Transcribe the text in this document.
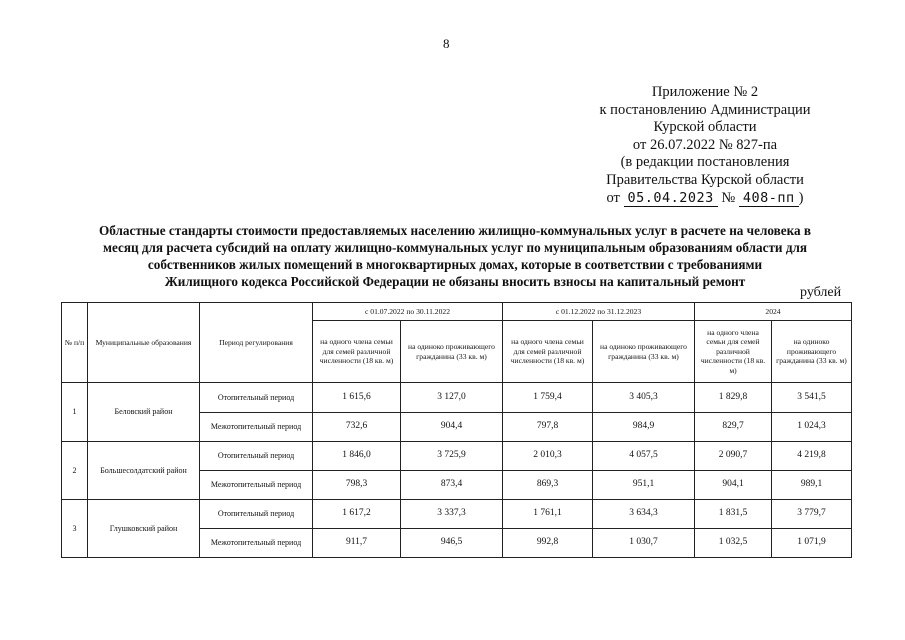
8
Приложение № 2
к постановлению Администрации
Курской области
от 26.07.2022 № 827-па
(в редакции постановления
Правительства Курской области
от 05.04.2023 № 408-пп )
Областные стандарты стоимости предоставляемых населению жилищно-коммунальных услуг в расчете на человека в
месяц для расчета субсидий на оплату жилищно-коммунальных услуг по муниципальным образованиям области для
собственников жилых помещений в многоквартирных домах, которые в соответствии с требованиями
Жилищного кодекса Российской Федерации не обязаны вносить взносы на капитальный ремонт
рублей
№ п/п	Муниципальные образования	Период регулирования	с 01.07.2022 по 30.11.2022		с 01.12.2022 по 31.12.2023		2024	
			на одного члена семьи для семей различной численности (18 кв. м)	на одиноко проживающего гражданина (33 кв. м)	на одного члена семьи для семей различной численности (18 кв. м)	на одиноко проживающего гражданина (33 кв. м)	на одного члена семьи для семей различной численности (18 кв. м)	на одиноко проживающего гражданина (33 кв. м)
1	Беловский район	Отопительный период	1 615,6	3 127,0	1 759,4	3 405,3	1 829,8	3 541,5
		Межотопительный период	732,6	904,4	797,8	984,9	829,7	1 024,3
2	Большесолдатский район	Отопительный период	1 846,0	3 725,9	2 010,3	4 057,5	2 090,7	4 219,8
		Межотопительный период	798,3	873,4	869,3	951,1	904,1	989,1
3	Глушковский район	Отопительный период	1 617,2	3 337,3	1 761,1	3 634,3	1 831,5	3 779,7
		Межотопительный период	911,7	946,5	992,8	1 030,7	1 032,5	1 071,9
